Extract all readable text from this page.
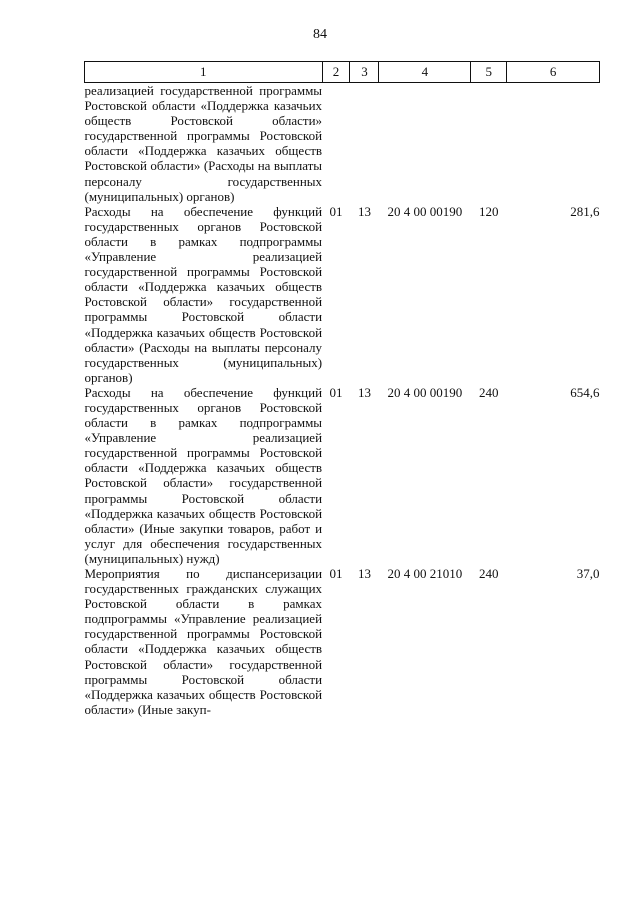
84
1	2	3	4	5	6
реализацией государственной программы Ростовской области «Поддержка казачьих обществ Ростовской области» государственной программы Ростовской области «Поддержка казачьих обществ Ростовской области» (Расходы на выплаты персоналу государственных (муниципальных) органов)					
Расходы на обеспечение функций государственных органов Ростовской области в рамках подпрограммы «Управление реализацией государственной программы Ростовской области «Поддержка казачьих обществ Ростовской области» государственной программы Ростовской области «Поддержка казачьих обществ Ростовской области» (Расходы на выплаты персоналу государственных (муниципальных) органов)	01	13	20 4 00 00190	120	281,6
Расходы на обеспечение функций государственных органов Ростовской области в рамках подпрограммы «Управление реализацией государственной программы Ростовской области «Поддержка казачьих обществ Ростовской области» государственной программы Ростовской области «Поддержка казачьих обществ Ростовской области» (Иные закупки товаров, работ и услуг для обеспечения государственных (муниципальных) нужд)	01	13	20 4 00 00190	240	654,6
Мероприятия по диспансеризации государственных гражданских служащих Ростовской области в рамках подпрограммы «Управление реализацией государственной программы Ростовской области «Поддержка казачьих обществ Ростовской области» государственной программы Ростовской области «Поддержка казачьих обществ Ростовской области» (Иные закуп-	01	13	20 4 00 21010	240	37,0
